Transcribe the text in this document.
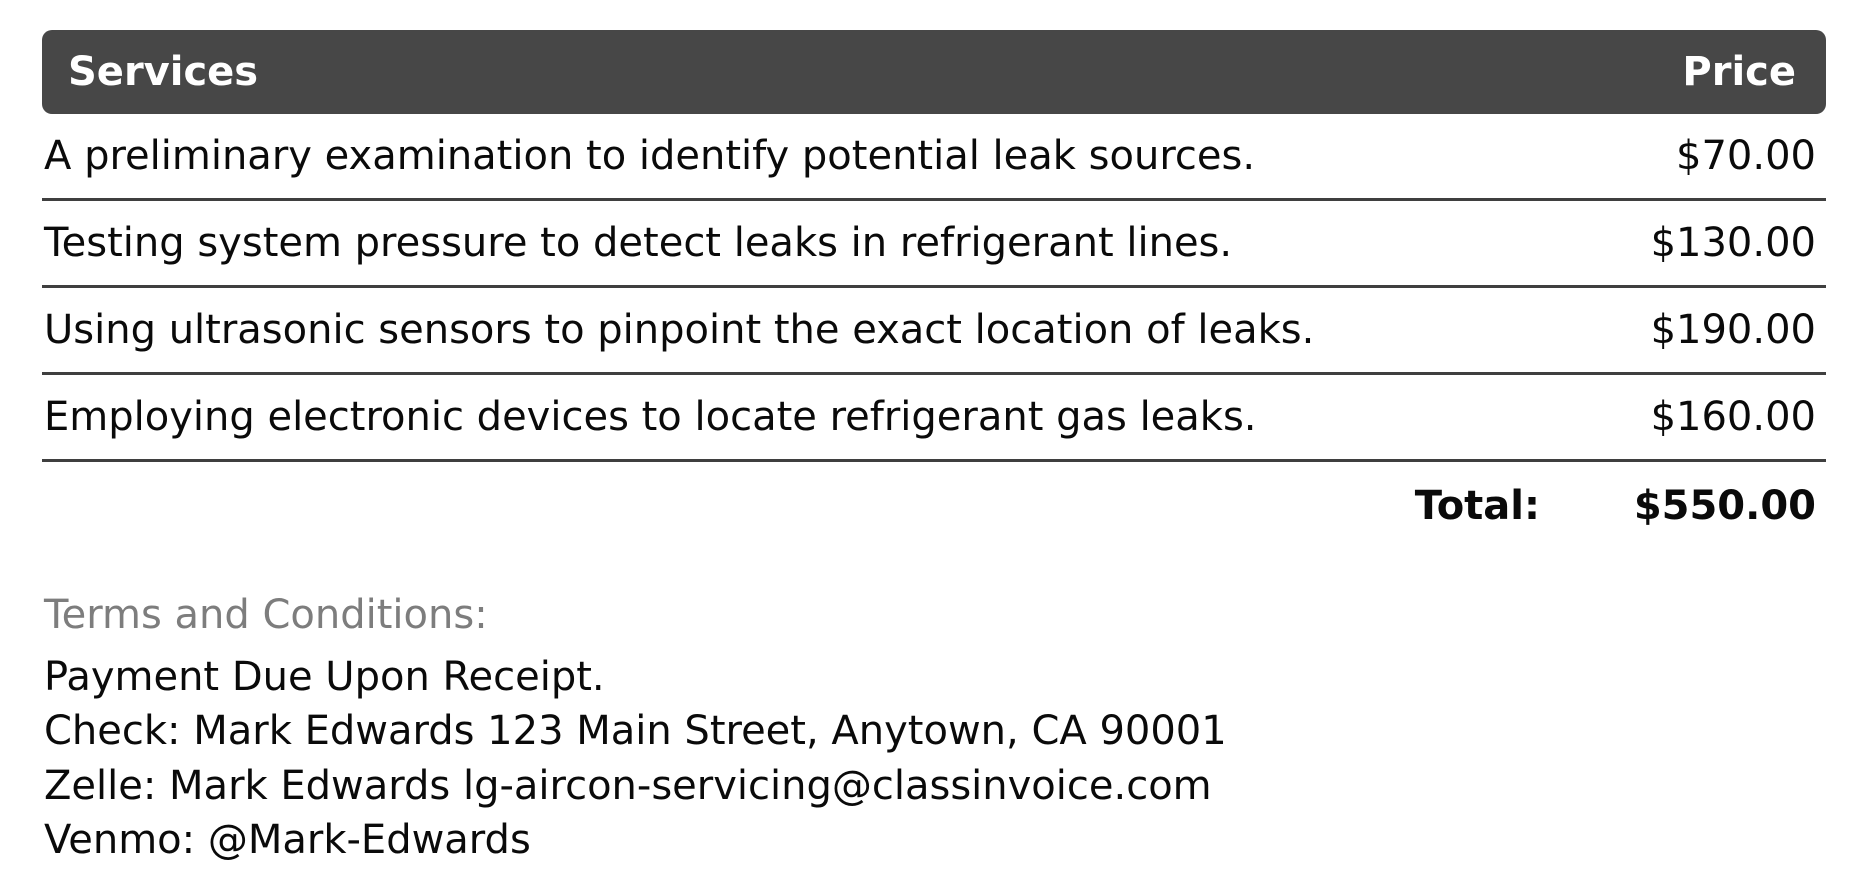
Services	Price
A preliminary examination to identify potential leak sources.	$70.00
Testing system pressure to detect leaks in refrigerant lines.	$130.00
Using ultrasonic sensors to pinpoint the exact location of leaks.	$190.00
Employing electronic devices to locate refrigerant gas leaks.	$160.00
Total:	$550.00
Terms and Conditions:
Payment Due Upon Receipt.
Check: Mark Edwards 123 Main Street, Anytown, CA 90001
Zelle: Mark Edwards lg-aircon-servicing@classinvoice.com
Venmo: @Mark-Edwards
